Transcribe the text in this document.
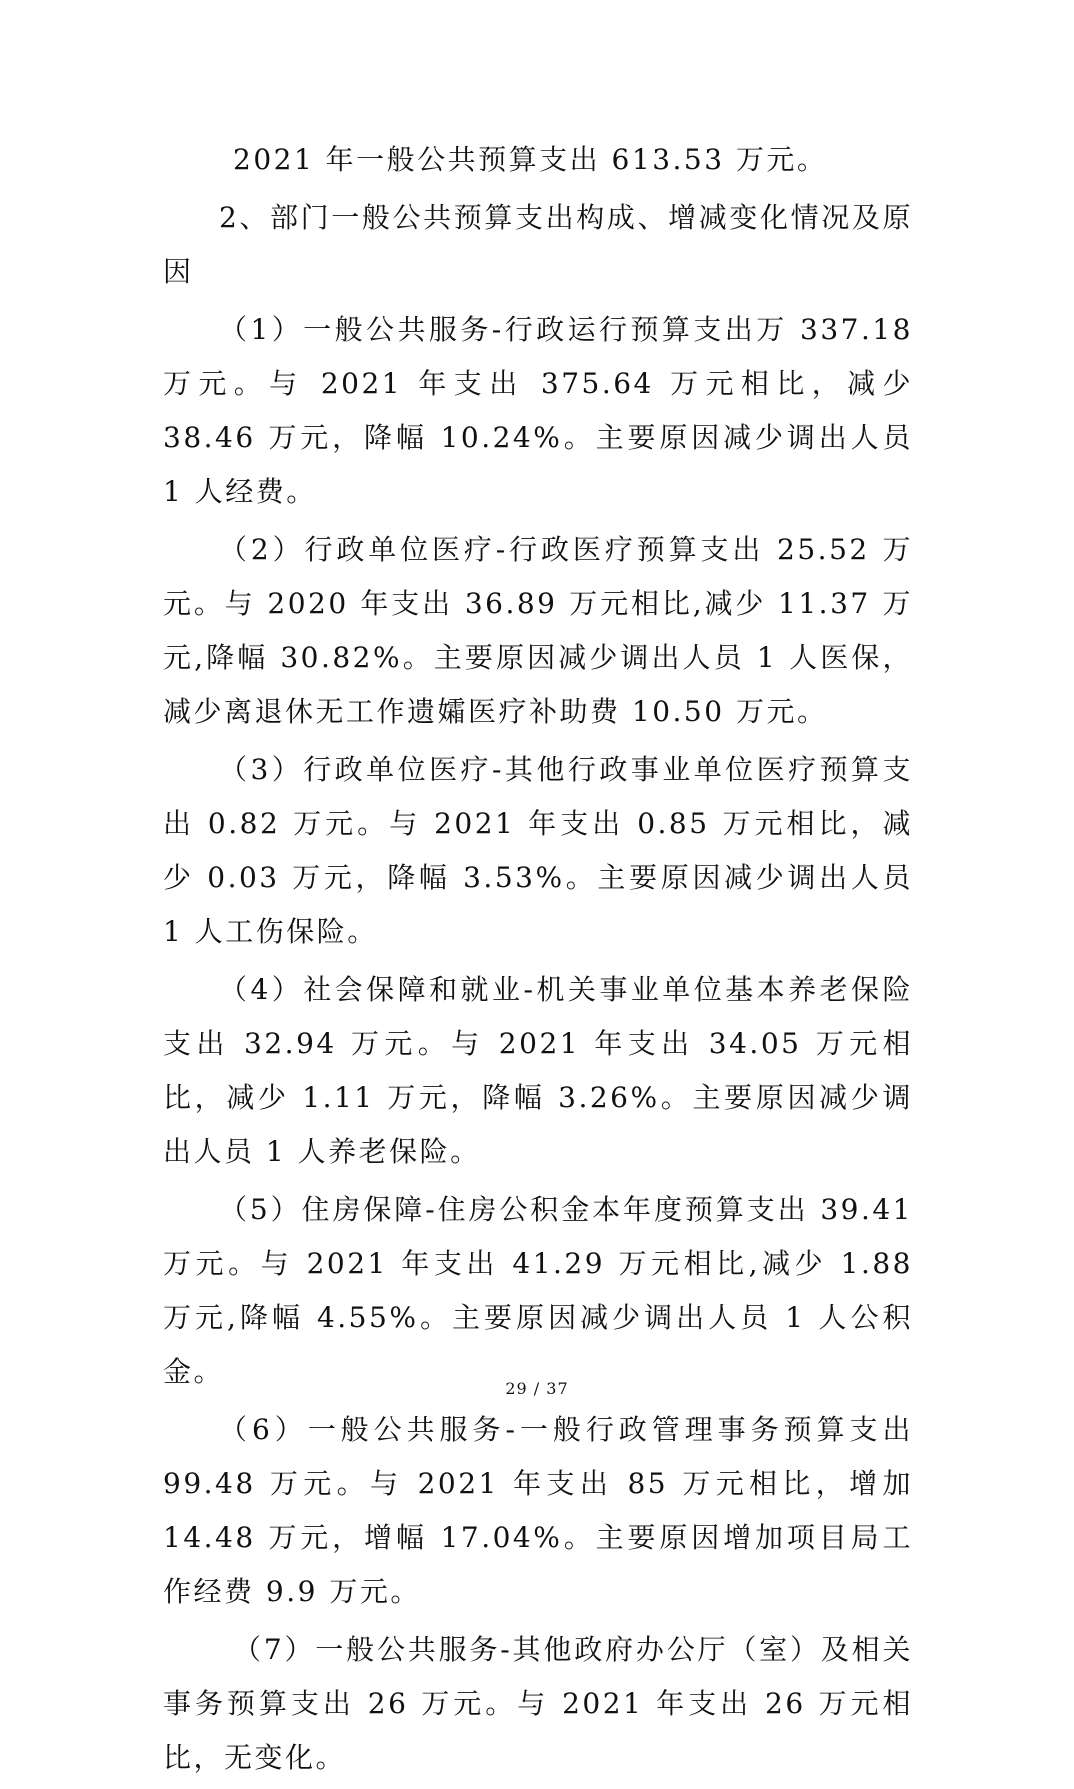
2021 年一般公共预算支出 613.53 万元。

2、部门一般公共预算支出构成、增减变化情况及原因

（1）一般公共服务-行政运行预算支出万 337.18 万元。与 2021 年支出 375.64 万元相比，减少 38.46 万元，降幅 10.24%。主要原因减少调出人员 1 人经费。

（2）行政单位医疗-行政医疗预算支出 25.52 万元。与 2020 年支出 36.89 万元相比,减少 11.37 万元,降幅 30.82%。主要原因减少调出人员 1 人医保，减少离退休无工作遗孀医疗补助费 10.50 万元。

（3）行政单位医疗-其他行政事业单位医疗预算支出 0.82 万元。与 2021 年支出 0.85 万元相比，减少 0.03 万元，降幅 3.53%。主要原因减少调出人员 1 人工伤保险。

（4）社会保障和就业-机关事业单位基本养老保险支出 32.94 万元。与 2021 年支出 34.05 万元相比，减少 1.11 万元，降幅 3.26%。主要原因减少调出人员 1 人养老保险。

（5）住房保障-住房公积金本年度预算支出 39.41 万元。与 2021 年支出 41.29 万元相比,减少 1.88 万元,降幅 4.55%。主要原因减少调出人员 1 人公积金。

（6）一般公共服务-一般行政管理事务预算支出 99.48 万元。与 2021 年支出 85 万元相比，增加 14.48 万元，增幅 17.04%。主要原因增加项目局工作经费 9.9 万元。

（7）一般公共服务-其他政府办公厅（室）及相关事务预算支出 26 万元。与 2021 年支出 26 万元相比，无变化。

29 / 37
